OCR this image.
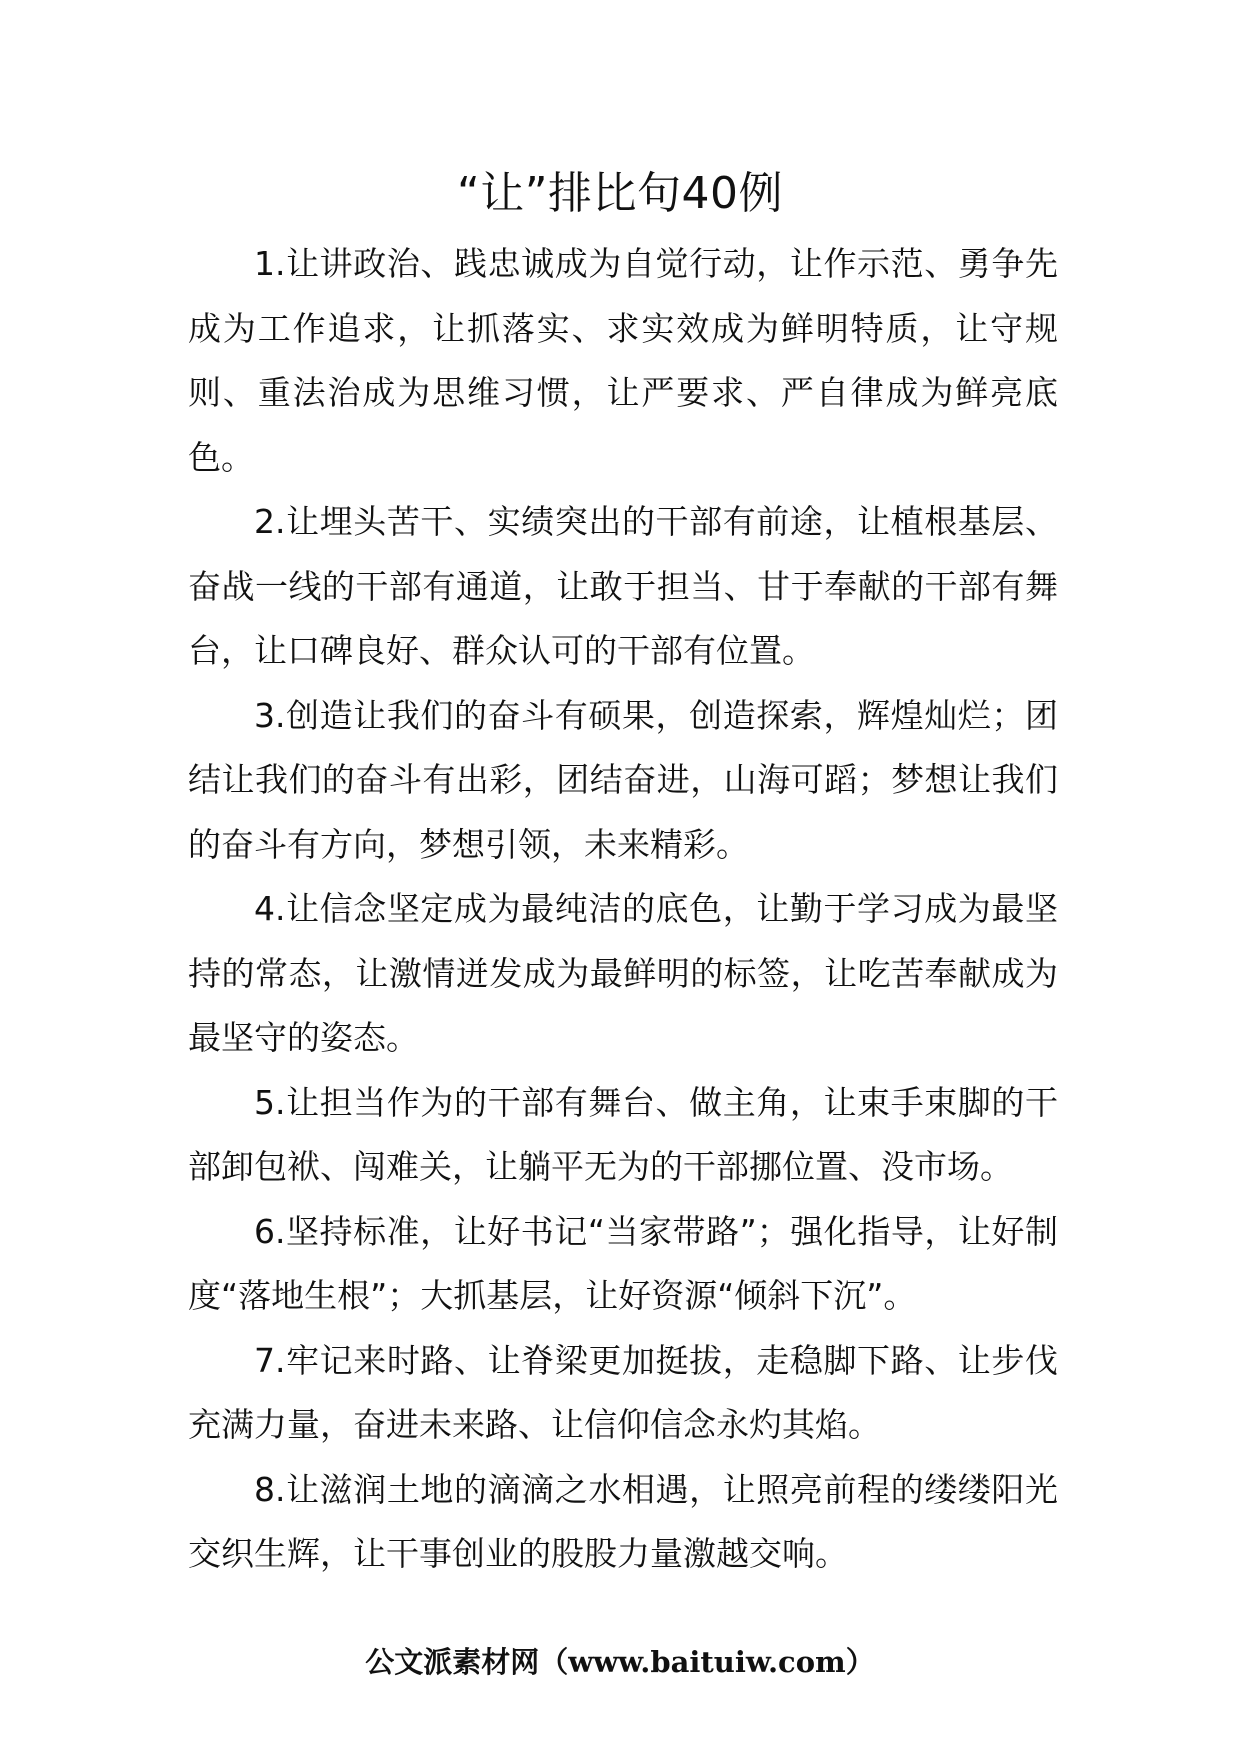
“让”排比句40例

1.让讲政治、践忠诚成为自觉行动，让作示范、勇争先成为工作追求，让抓落实、求实效成为鲜明特质，让守规则、重法治成为思维习惯，让严要求、严自律成为鲜亮底色。

2.让埋头苦干、实绩突出的干部有前途，让植根基层、奋战一线的干部有通道，让敢于担当、甘于奉献的干部有舞台，让口碑良好、群众认可的干部有位置。

3.创造让我们的奋斗有硕果，创造探索，辉煌灿烂；团结让我们的奋斗有出彩，团结奋进，山海可蹈；梦想让我们的奋斗有方向，梦想引领，未来精彩。

4.让信念坚定成为最纯洁的底色，让勤于学习成为最坚持的常态，让激情迸发成为最鲜明的标签，让吃苦奉献成为最坚守的姿态。

5.让担当作为的干部有舞台、做主角，让束手束脚的干部卸包袱、闯难关，让躺平无为的干部挪位置、没市场。

6.坚持标准，让好书记“当家带路”；强化指导，让好制度“落地生根”；大抓基层，让好资源“倾斜下沉”。

7.牢记来时路、让脊梁更加挺拔，走稳脚下路、让步伐充满力量，奋进未来路、让信仰信念永灼其焰。

8.让滋润土地的滴滴之水相遇，让照亮前程的缕缕阳光交织生辉，让干事创业的股股力量激越交响。

公文派素材网（www.baituiw.com）
